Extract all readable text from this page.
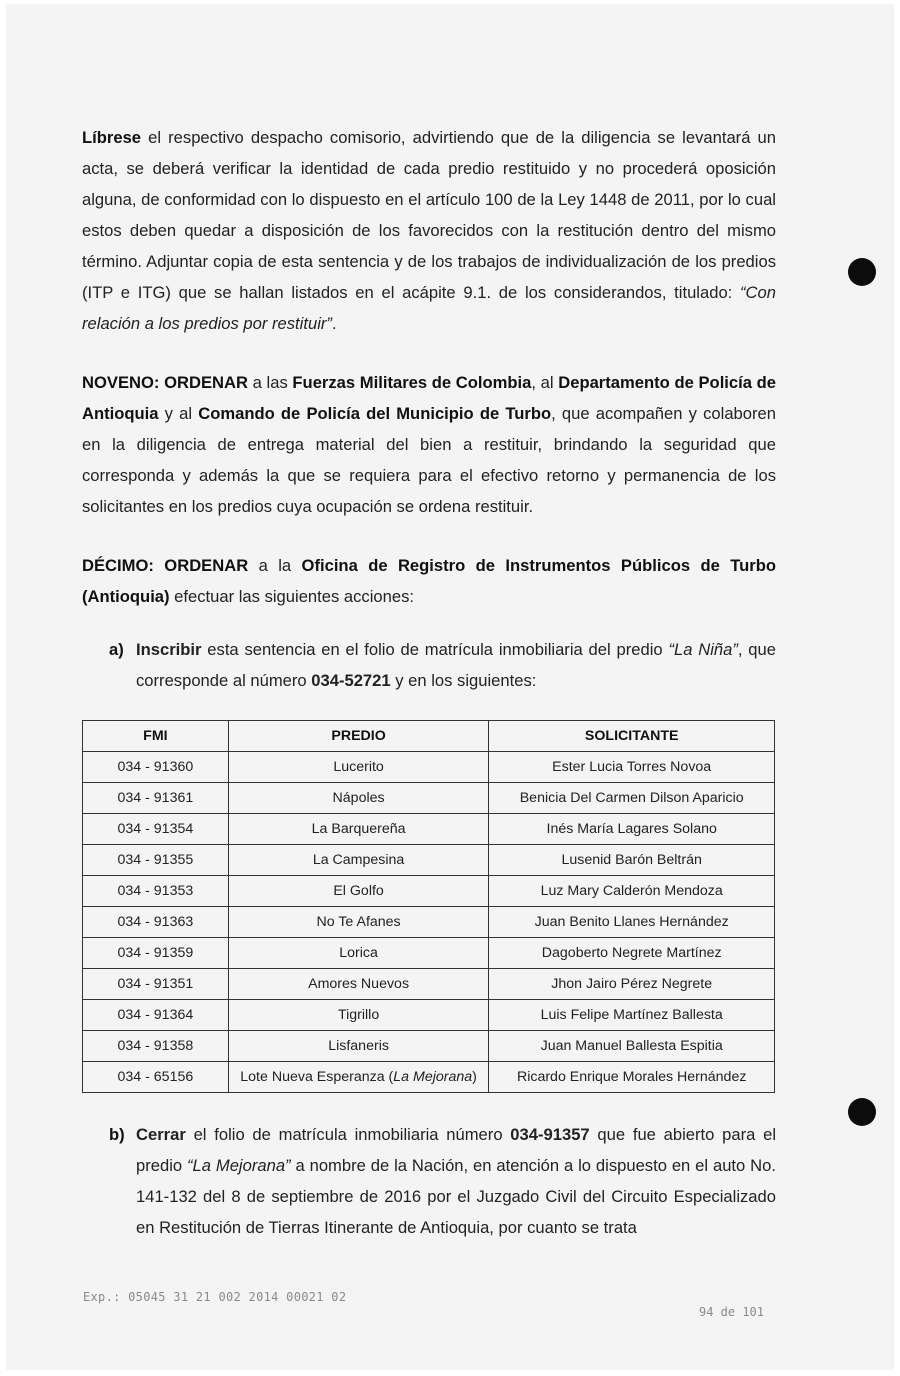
Líbrese el respectivo despacho comisorio, advirtiendo que de la diligencia se levantará un acta, se deberá verificar la identidad de cada predio restituido y no procederá oposición alguna, de conformidad con lo dispuesto en el artículo 100 de la Ley 1448 de 2011, por lo cual estos deben quedar a disposición de los favorecidos con la restitución dentro del mismo término. Adjuntar copia de esta sentencia y de los trabajos de individualización de los predios (ITP e ITG) que se hallan listados en el acápite 9.1. de los considerandos, titulado: “Con relación a los predios por restituir”.

NOVENO: ORDENAR a las Fuerzas Militares de Colombia, al Departamento de Policía de Antioquia y al Comando de Policía del Municipio de Turbo, que acompañen y colaboren en la diligencia de entrega material del bien a restituir, brindando la seguridad que corresponda y además la que se requiera para el efectivo retorno y permanencia de los solicitantes en los predios cuya ocupación se ordena restituir.

DÉCIMO: ORDENAR a la Oficina de Registro de Instrumentos Públicos de Turbo (Antioquia) efectuar las siguientes acciones:

a) Inscribir esta sentencia en el folio de matrícula inmobiliaria del predio “La Niña”, que corresponde al número 034-52721 y en los siguientes:

FMI	PREDIO	SOLICITANTE
034 - 91360	Lucerito	Ester Lucia Torres Novoa
034 - 91361	Nápoles	Benicia Del Carmen Dilson Aparicio
034 - 91354	La Barquereña	Inés María Lagares Solano
034 - 91355	La Campesina	Lusenid Barón Beltrán
034 - 91353	El Golfo	Luz Mary Calderón Mendoza
034 - 91363	No Te Afanes	Juan Benito Llanes Hernández
034 - 91359	Lorica	Dagoberto Negrete Martínez
034 - 91351	Amores Nuevos	Jhon Jairo Pérez Negrete
034 - 91364	Tigrillo	Luis Felipe Martínez Ballesta
034 - 91358	Lisfaneris	Juan Manuel Ballesta Espitia
034 - 65156	Lote Nueva Esperanza (La Mejorana)	Ricardo Enrique Morales Hernández

b) Cerrar el folio de matrícula inmobiliaria número 034-91357 que fue abierto para el predio “La Mejorana” a nombre de la Nación, en atención a lo dispuesto en el auto No. 141-132 del 8 de septiembre de 2016 por el Juzgado Civil del Circuito Especializado en Restitución de Tierras Itinerante de Antioquia, por cuanto se trata

Exp.: 05045 31 21 002 2014 00021 02
94 de 101
